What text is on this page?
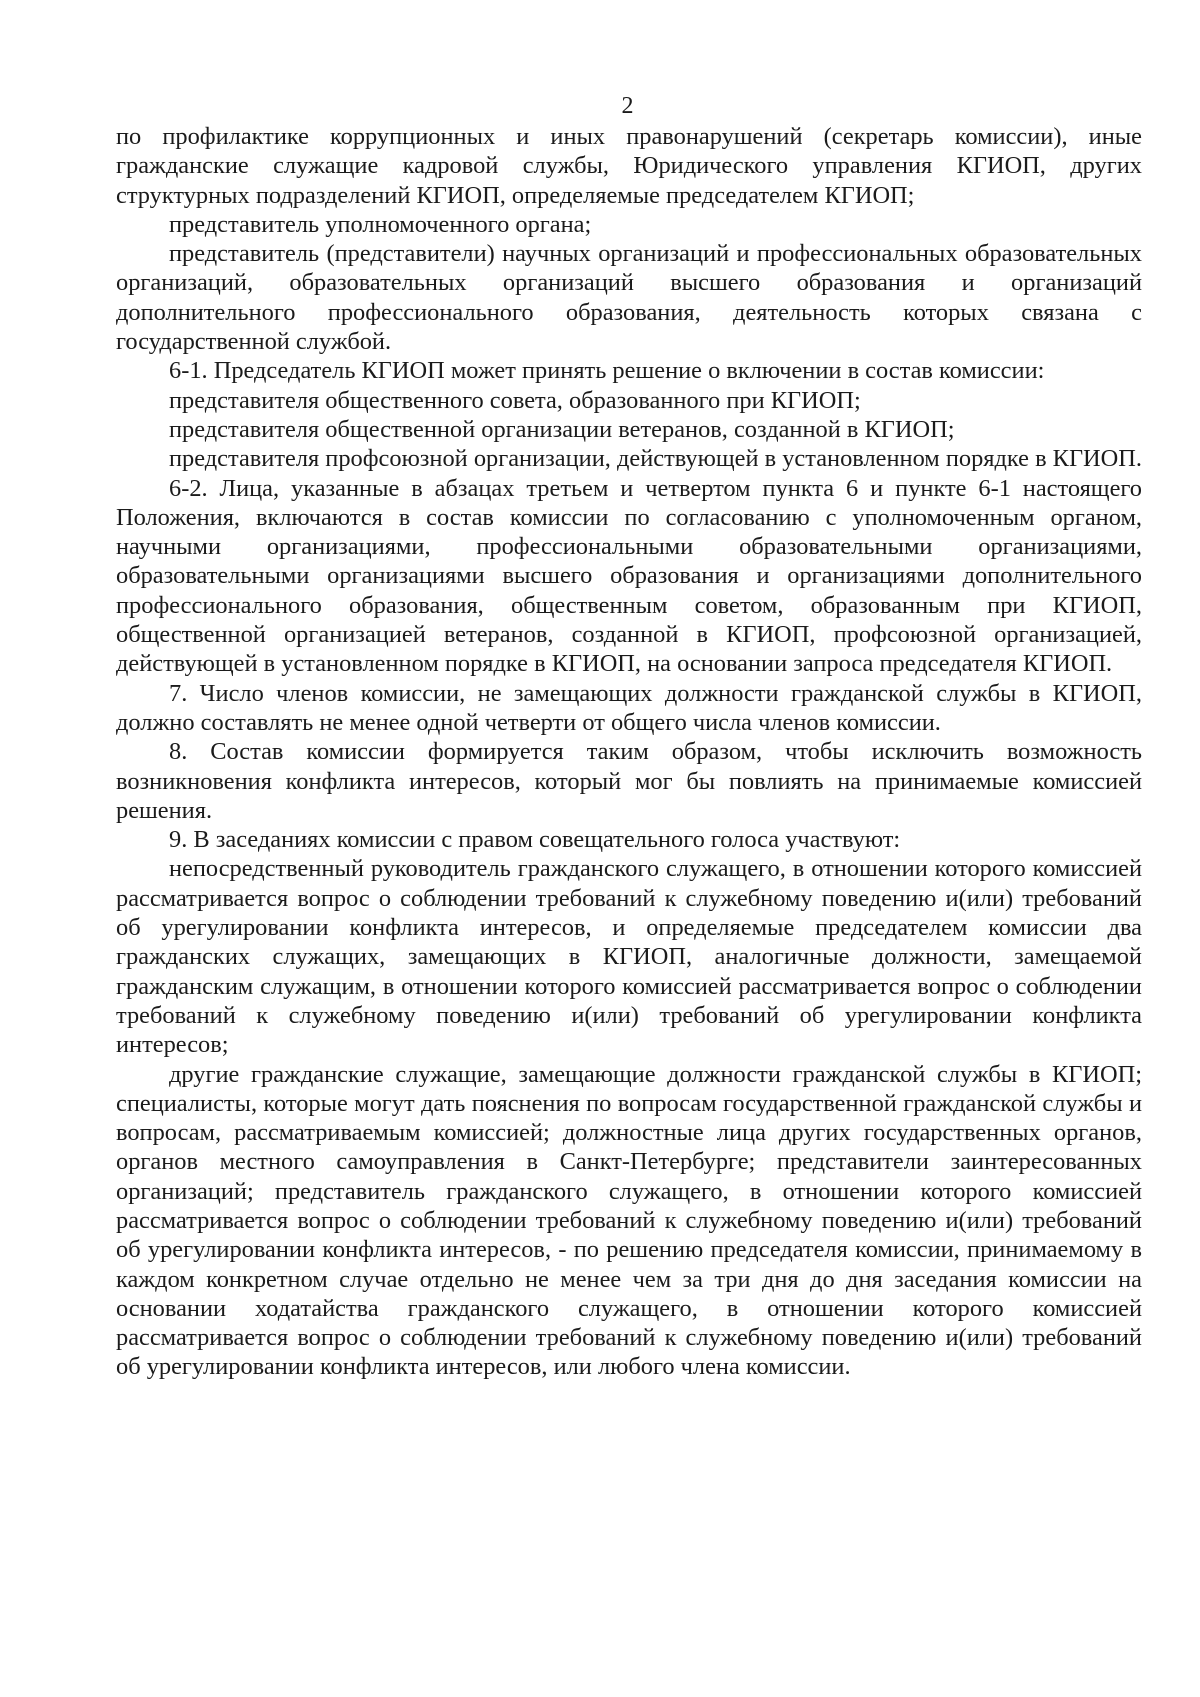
2

по профилактике коррупционных и иных правонарушений (секретарь комиссии), иные гражданские служащие кадровой службы, Юридического управления КГИОП, других структурных подразделений КГИОП, определяемые председателем КГИОП;

представитель уполномоченного органа;

представитель (представители) научных организаций и профессиональных образовательных организаций, образовательных организаций высшего образования и организаций дополнительного профессионального образования, деятельность которых связана с государственной службой.

6-1. Председатель КГИОП может принять решение о включении в состав комиссии:

представителя общественного совета, образованного при КГИОП;

представителя общественной организации ветеранов, созданной в КГИОП;

представителя профсоюзной организации, действующей в установленном порядке в КГИОП.

6-2. Лица, указанные в абзацах третьем и четвертом пункта 6 и пункте 6-1 настоящего Положения, включаются в состав комиссии по согласованию с уполномоченным органом, научными организациями, профессиональными образовательными организациями, образовательными организациями высшего образования и организациями дополнительного профессионального образования, общественным советом, образованным при КГИОП, общественной организацией ветеранов, созданной в КГИОП, профсоюзной организацией, действующей в установленном порядке в КГИОП, на основании запроса председателя КГИОП.

7. Число членов комиссии, не замещающих должности гражданской службы в КГИОП, должно составлять не менее одной четверти от общего числа членов комиссии.

8. Состав комиссии формируется таким образом, чтобы исключить возможность возникновения конфликта интересов, который мог бы повлиять на принимаемые комиссией решения.

9. В заседаниях комиссии с правом совещательного голоса участвуют:

непосредственный руководитель гражданского служащего, в отношении которого комиссией рассматривается вопрос о соблюдении требований к служебному поведению и(или) требований об урегулировании конфликта интересов, и определяемые председателем комиссии два гражданских служащих, замещающих в КГИОП, аналогичные должности, замещаемой гражданским служащим, в отношении которого комиссией рассматривается вопрос о соблюдении требований к служебному поведению и(или) требований об урегулировании конфликта интересов;

другие гражданские служащие, замещающие должности гражданской службы в КГИОП; специалисты, которые могут дать пояснения по вопросам государственной гражданской службы и вопросам, рассматриваемым комиссией; должностные лица других государственных органов, органов местного самоуправления в Санкт-Петербурге; представители заинтересованных организаций; представитель гражданского служащего, в отношении которого комиссией рассматривается вопрос о соблюдении требований к служебному поведению и(или) требований об урегулировании конфликта интересов, - по решению председателя комиссии, принимаемому в каждом конкретном случае отдельно не менее чем за три дня до дня заседания комиссии на основании ходатайства гражданского служащего, в отношении которого комиссией рассматривается вопрос о соблюдении требований к служебному поведению и(или) требований об урегулировании конфликта интересов, или любого члена комиссии.
